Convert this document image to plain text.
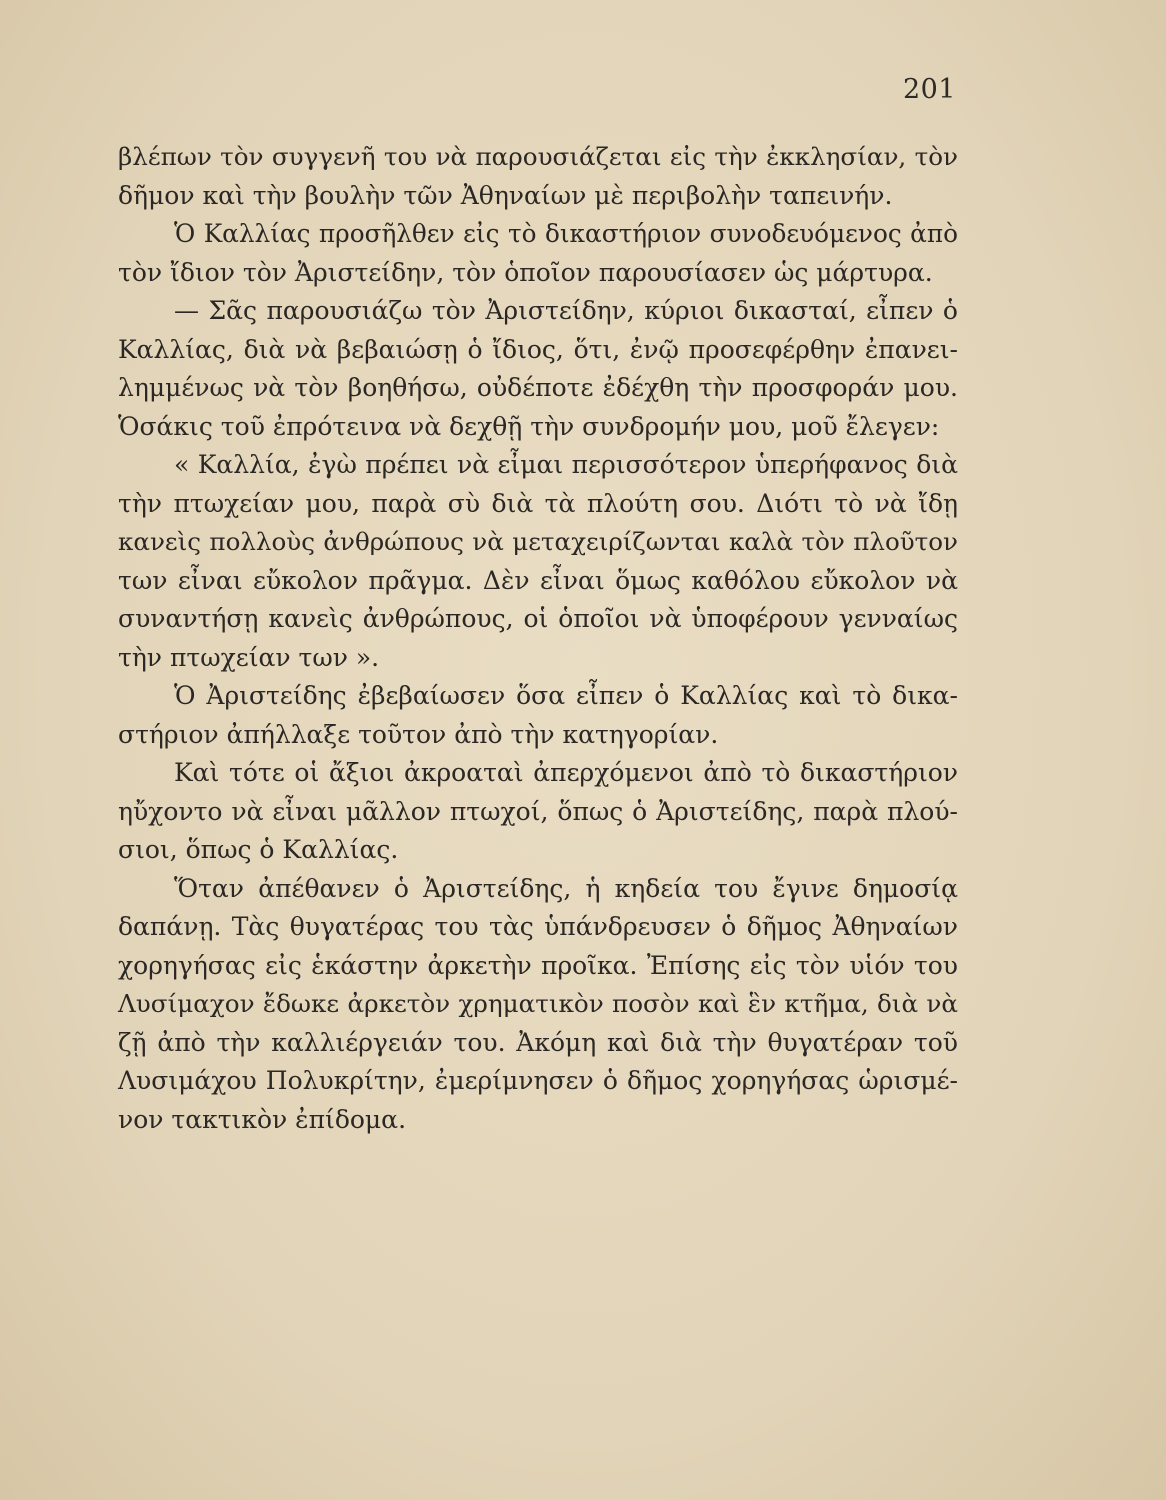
201
βλέπων τὸν συγγενῆ του νὰ παρουσιάζεται εἰς τὴν ἐκκλησίαν, τὸν
δῆμον καὶ τὴν βουλὴν τῶν Ἀθηναίων μὲ περιβολὴν ταπεινήν.
Ὁ Καλλίας προσῆλθεν εἰς τὸ δικαστήριον συνοδευόμενος ἀπὸ
τὸν ἴδιον τὸν Ἀριστείδην, τὸν ὁποῖον παρουσίασεν ὡς μάρτυρα.
— Σᾶς παρουσιάζω τὸν Ἀριστείδην, κύριοι δικασταί, εἶπεν ὁ
Καλλίας, διὰ νὰ βεβαιώσῃ ὁ ἴδιος, ὅτι, ἐνῷ προσεφέρθην ἐπανει-
λημμένως νὰ τὸν βοηθήσω, οὐδέποτε ἐδέχθη τὴν προσφοράν μου.
Ὁσάκις τοῦ ἐπρότεινα νὰ δεχθῇ τὴν συνδρομήν μου, μοῦ ἔλεγεν:
« Καλλία, ἐγὼ πρέπει νὰ εἶμαι περισσότερον ὑπερήφανος διὰ
τὴν πτωχείαν μου, παρὰ σὺ διὰ τὰ πλούτη σου. Διότι τὸ νὰ ἴδῃ
κανεὶς πολλοὺς ἀνθρώπους νὰ μεταχειρίζωνται καλὰ τὸν πλοῦτον
των εἶναι εὔκολον πρᾶγμα. Δὲν εἶναι ὅμως καθόλου εὔκολον νὰ
συναντήσῃ κανεὶς ἀνθρώπους, οἱ ὁποῖοι νὰ ὑποφέρουν γενναίως
τὴν πτωχείαν των ».
Ὁ Ἀριστείδης ἐβεβαίωσεν ὅσα εἶπεν ὁ Καλλίας καὶ τὸ δικα-
στήριον ἀπήλλαξε τοῦτον ἀπὸ τὴν κατηγορίαν.
Καὶ τότε οἱ ἄξιοι ἀκροαταὶ ἀπερχόμενοι ἀπὸ τὸ δικαστήριον
ηὔχοντο νὰ εἶναι μᾶλλον πτωχοί, ὅπως ὁ Ἀριστείδης, παρὰ πλού-
σιοι, ὅπως ὁ Καλλίας.
Ὅταν ἀπέθανεν ὁ Ἀριστείδης, ἡ κηδεία του ἔγινε δημοσίᾳ
δαπάνῃ. Τὰς θυγατέρας του τὰς ὑπάνδρευσεν ὁ δῆμος Ἀθηναίων
χορηγήσας εἰς ἑκάστην ἀρκετὴν προῖκα. Ἐπίσης εἰς τὸν υἱόν του
Λυσίμαχον ἔδωκε ἀρκετὸν χρηματικὸν ποσὸν καὶ ἓν κτῆμα, διὰ νὰ
ζῇ ἀπὸ τὴν καλλιέργειάν του. Ἀκόμη καὶ διὰ τὴν θυγατέραν τοῦ
Λυσιμάχου Πολυκρίτην, ἐμερίμνησεν ὁ δῆμος χορηγήσας ὡρισμέ-
νον τακτικὸν ἐπίδομα.
